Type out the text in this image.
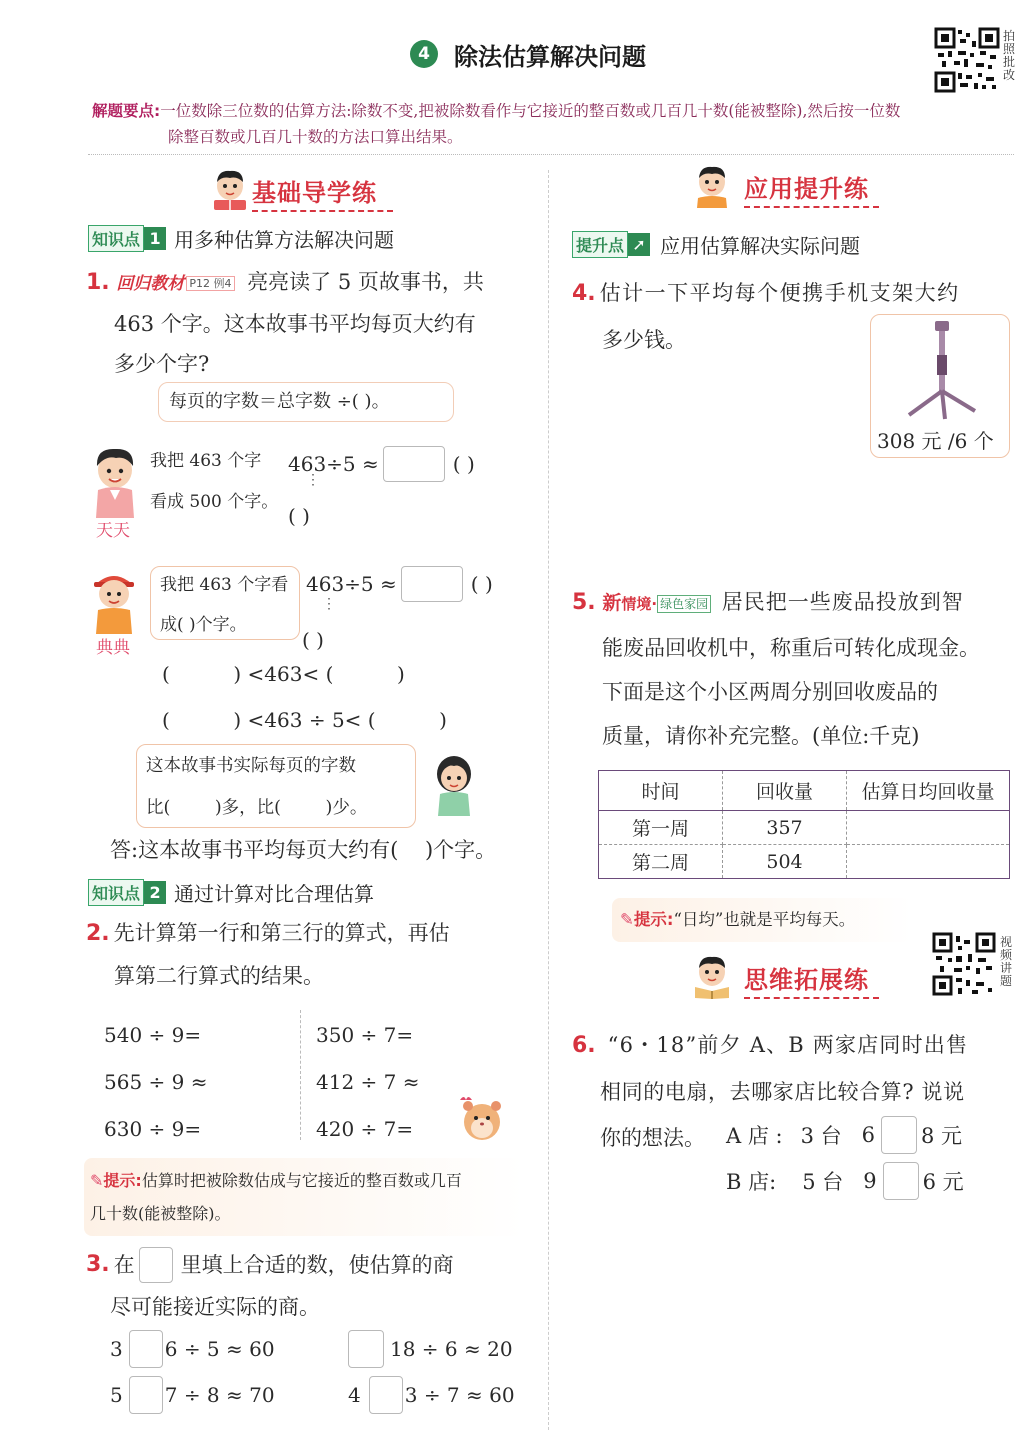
4	除法估算解决问题
拍照批改
解题要点:一位数除三位数的估算方法:除数不变,把被除数看作与它接近的整百数或几百几十数(能被整除),然后按一位数
除整百数或几百几十数的方法口算出结果。
基础导学练
知识点 1 用多种估算方法解决问题
1. 回归教材 P12 例4 亮亮读了 5 页故事书，共
463 个字。这本故事书平均每页大约有
多少个字?
每页的字数＝总字数 ÷( )。
天天
我把 463 个字
看成 500 个字。
463÷5 ≈	( )
⋮
( )
典典
我把 463 个字看
成( )个字。
463÷5 ≈	( )
⋮
( )
(          ) <463< (          )
(          ) <463 ÷ 5< (          )
这本故事书实际每页的字数
比(        )多，比(        )少。
答:这本故事书平均每页大约有(    )个字。
知识点 2 通过计算对比合理估算
2. 先计算第一行和第三行的算式，再估
算第二行算式的结果。
540 ÷ 9=
565 ÷ 9 ≈
630 ÷ 9=
350 ÷ 7=
412 ÷ 7 ≈
420 ÷ 7=
✎提示:估算时把被除数估成与它接近的整百数或几百
几十数(能被整除)。
3. 在 里填上合适的数，使估算的商
尽可能接近实际的商。
3 6 ÷ 5 ≈ 60	18 ÷ 6 ≈ 20
5 7 ÷ 8 ≈ 70	4 3 ÷ 7 ≈ 60
应用提升练
提升点 ➚ 应用估算解决实际问题
4. 估计一下平均每个便携手机支架大约
多少钱。
308 元 /6 个
5. 新情境· 绿色家园 居民把一些废品投放到智
能废品回收机中，称重后可转化成现金。
下面是这个小区两周分别回收废品的
质量，请你补充完整。(单位:千克)
时间	回收量	估算日均回收量
第一周	357	
第二周	504	
✎提示:“日均”也就是平均每天。
视频讲题
思维拓展练
6. “6・18”前夕 A、B 两家店同时出售
相同的电扇，去哪家店比较合算? 说说
你的想法。	A 店 : 3 台 6 8 元
B 店: 5 台 9 6 元
